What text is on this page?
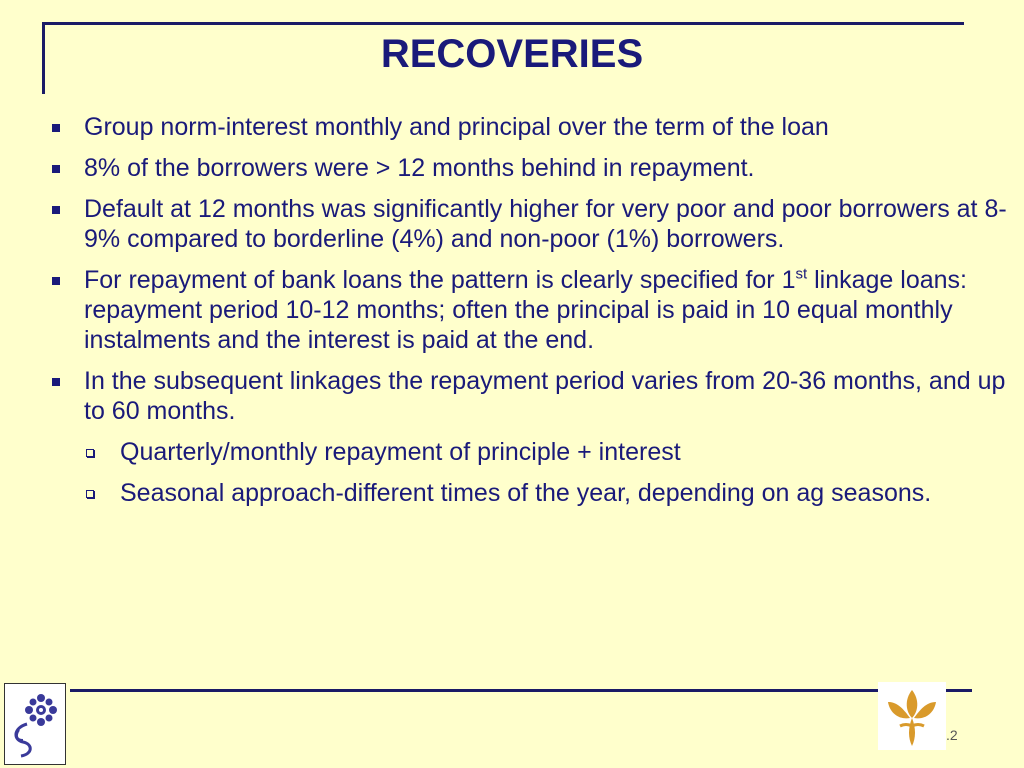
RECOVERIES
Group norm-interest monthly and principal over the term of the loan
8% of the borrowers were > 12 months behind in repayment.
Default at 12 months was significantly higher for very poor and poor borrowers at 8-9% compared to borderline (4%) and non-poor (1%) borrowers.
For repayment of bank loans the pattern is clearly specified for 1st linkage loans: repayment period 10-12 months; often the principal is paid in 10 equal monthly instalments and the interest is paid at the end.
In the subsequent linkages the repayment period varies from 20-36 months, and up to 60 months.
Quarterly/monthly repayment of principle + interest
Seasonal approach-different times of the year, depending on ag seasons.
.2
